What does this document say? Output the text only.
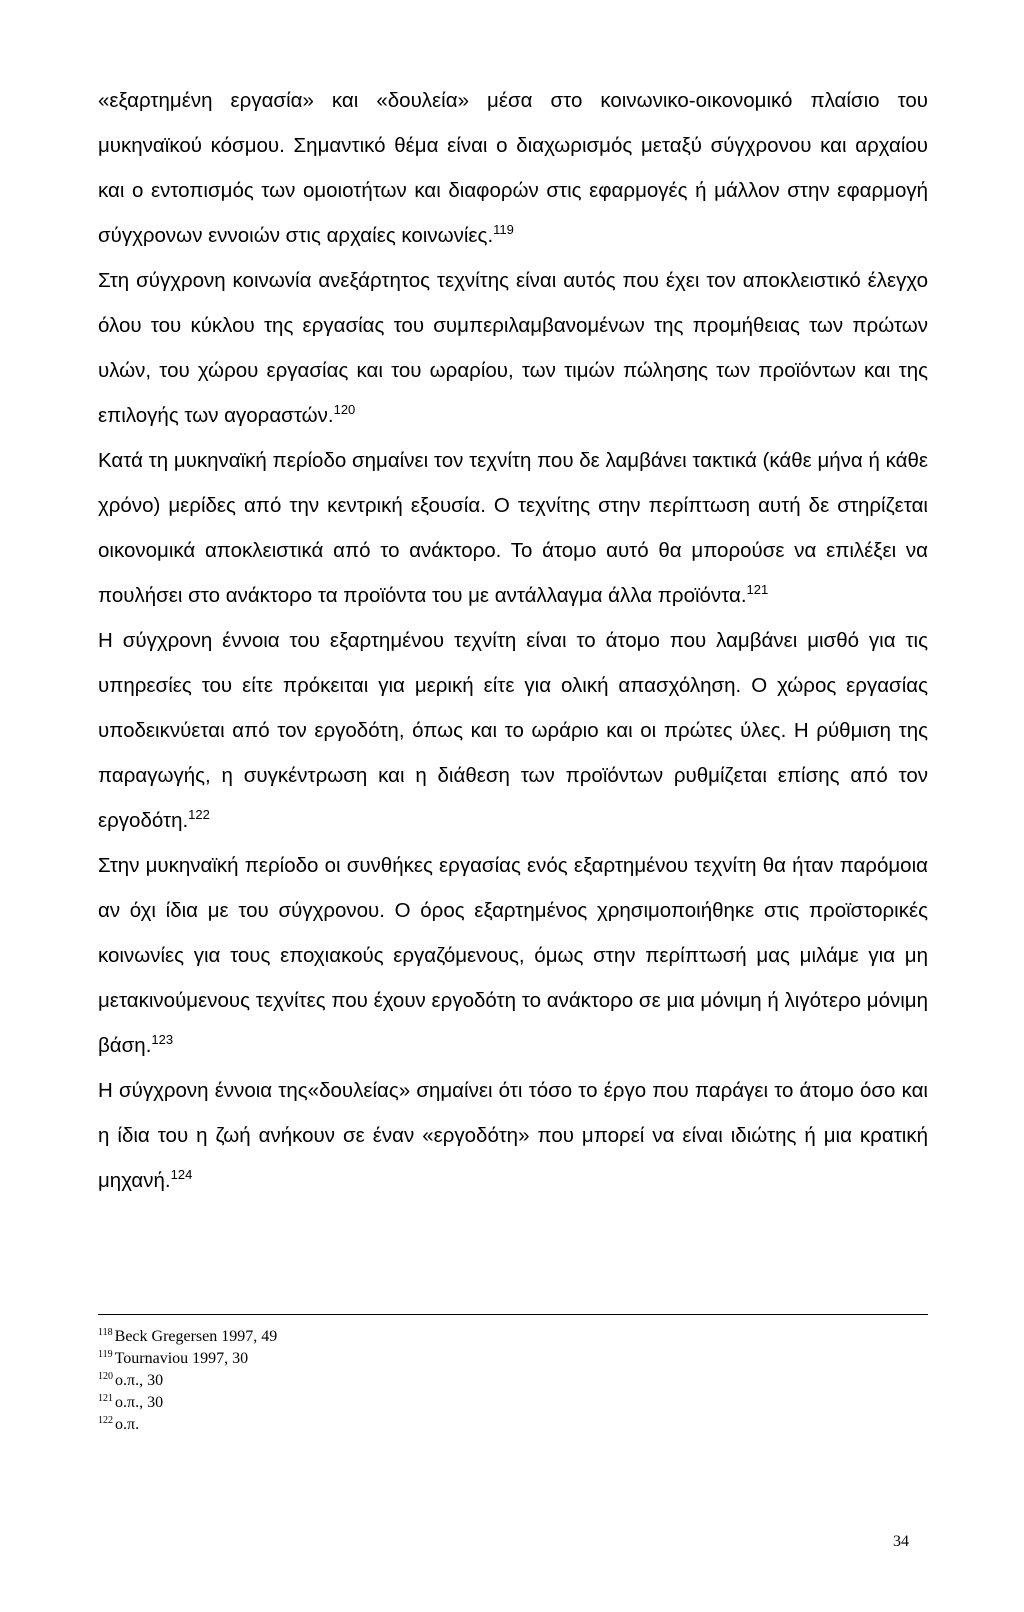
«εξαρτημένη εργασία» και «δουλεία» μέσα στο κοινωνικο-οικονομικό πλαίσιο του μυκηναϊκού κόσμου. Σημαντικό θέμα είναι ο διαχωρισμός μεταξύ σύγχρονου και αρχαίου και ο εντοπισμός των ομοιοτήτων και διαφορών στις εφαρμογές ή μάλλον στην εφαρμογή σύγχρονων εννοιών στις αρχαίες κοινωνίες.$^{119}$

Στη σύγχρονη κοινωνία ανεξάρτητος τεχνίτης είναι αυτός που έχει τον αποκλειστικό έλεγχο όλου του κύκλου της εργασίας του συμπεριλαμβανομένων της προμήθειας των πρώτων υλών, του χώρου εργασίας και του ωραρίου, των τιμών πώλησης των προϊόντων και της επιλογής των αγοραστών.$^{120}$

Κατά τη μυκηναϊκή περίοδο σημαίνει τον τεχνίτη που δε λαμβάνει τακτικά (κάθε μήνα ή κάθε χρόνο) μερίδες από την κεντρική εξουσία. Ο τεχνίτης στην περίπτωση αυτή δε στηρίζεται οικονομικά αποκλειστικά από το ανάκτορο. Το άτομο αυτό θα μπορούσε να επιλέξει να πουλήσει στο ανάκτορο τα προϊόντα του με αντάλλαγμα άλλα προϊόντα.$^{121}$

Η σύγχρονη έννοια του εξαρτημένου τεχνίτη είναι το άτομο που λαμβάνει μισθό για τις υπηρεσίες του είτε πρόκειται για μερική είτε για ολική απασχόληση. Ο χώρος εργασίας υποδεικνύεται από τον εργοδότη, όπως και το ωράριο και οι πρώτες ύλες. Η ρύθμιση της παραγωγής, η συγκέντρωση και η διάθεση των προϊόντων ρυθμίζεται επίσης από τον εργοδότη.$^{122}$

Στην μυκηναϊκή περίοδο οι συνθήκες εργασίας ενός εξαρτημένου τεχνίτη θα ήταν παρόμοια αν όχι ίδια με του σύγχρονου. Ο όρος εξαρτημένος χρησιμοποιήθηκε στις προϊστορικές κοινωνίες για τους εποχιακούς εργαζόμενους, όμως στην περίπτωσή μας μιλάμε για μη μετακινούμενους τεχνίτες που έχουν εργοδότη το ανάκτορο σε μια μόνιμη ή λιγότερο μόνιμη βάση.$^{123}$

Η σύγχρονη έννοια της«δουλείας» σημαίνει ότι τόσο το έργο που παράγει το άτομο όσο και η ίδια του η ζωή ανήκουν σε έναν «εργοδότη» που μπορεί να είναι ιδιώτης ή μια κρατική μηχανή.$^{124}$

$^{118}$ Beck Gregersen 1997, 49
$^{119}$ Tournaviou 1997, 30
$^{120}$ ο.π., 30
$^{121}$ ο.π., 30
$^{122}$ ο.π.
34
